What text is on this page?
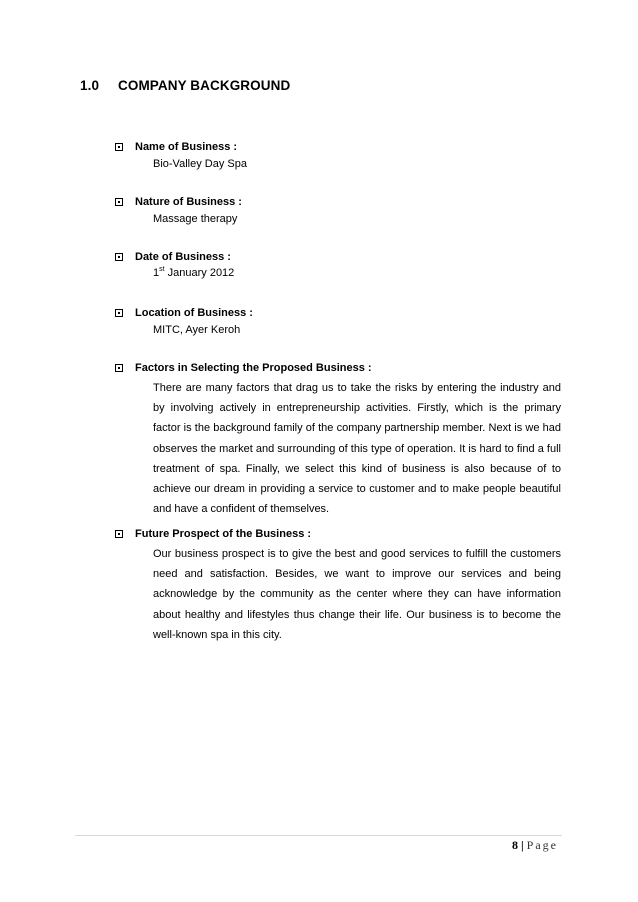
1.0 COMPANY BACKGROUND
Name of Business :
Bio-Valley Day Spa
Nature of Business :
Massage therapy
Date of Business :
1st January 2012
Location of Business :
MITC, Ayer Keroh
Factors in Selecting the Proposed Business :
There are many factors that drag us to take the risks by entering the industry and by involving actively in entrepreneurship activities. Firstly, which is the primary factor is the background family of the company partnership member. Next is we had observes the market and surrounding of this type of operation. It is hard to find a full treatment of spa. Finally, we select this kind of business is also because of to achieve our dream in providing a service to customer and to make people beautiful and have a confident of themselves.
Future Prospect of the Business :
Our business prospect is to give the best and good services to fulfill the customers need and satisfaction. Besides, we want to improve our services and being acknowledge by the community as the center where they can have information about healthy and lifestyles thus change their life. Our business is to become the well-known spa in this city.
8 | Page
